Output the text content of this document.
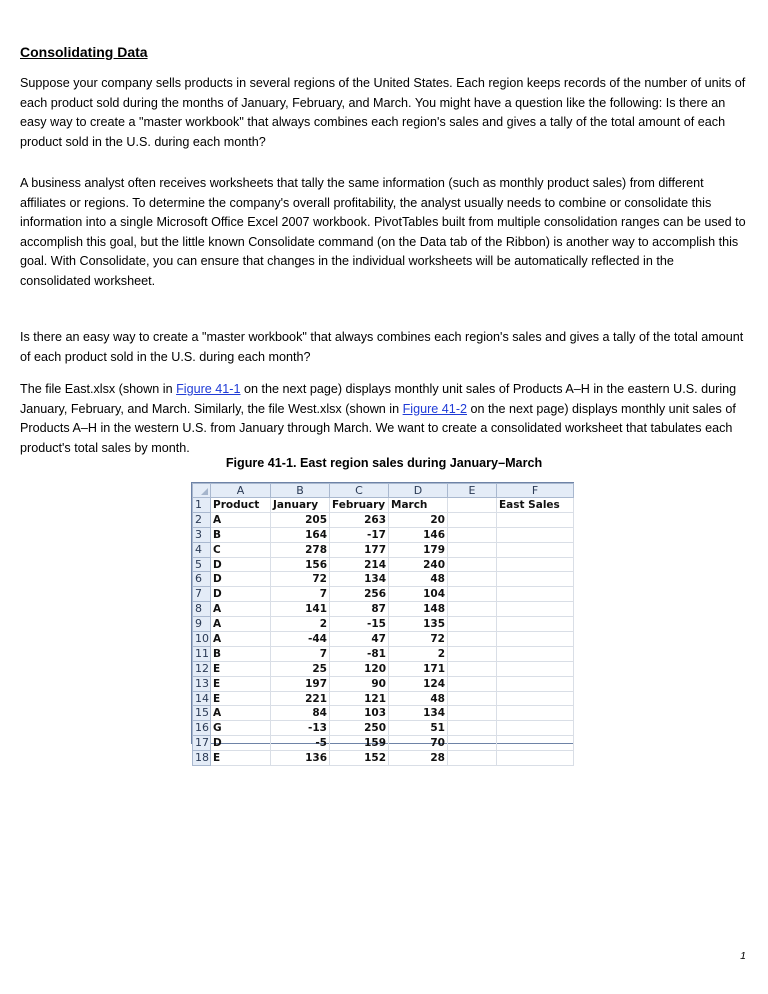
Consolidating Data

Suppose your company sells products in several regions of the United States. Each region keeps records of the number of units of each product sold during the months of January, February, and March. You might have a question like the following: Is there an easy way to create a "master workbook" that always combines each region's sales and gives a tally of the total amount of each product sold in the U.S. during each month?

A business analyst often receives worksheets that tally the same information (such as monthly product sales) from different affiliates or regions. To determine the company's overall profitability, the analyst usually needs to combine or consolidate this information into a single Microsoft Office Excel 2007 workbook. PivotTables built from multiple consolidation ranges can be used to accomplish this goal, but the little known Consolidate command (on the Data tab of the Ribbon) is another way to accomplish this goal. With Consolidate, you can ensure that changes in the individual worksheets will be automatically reflected in the consolidated worksheet.

Is there an easy way to create a "master workbook" that always combines each region's sales and gives a tally of the total amount of each product sold in the U.S. during each month?

The file East.xlsx (shown in Figure 41-1 on the next page) displays monthly unit sales of Products A–H in the eastern U.S. during January, February, and March. Similarly, the file West.xlsx (shown in Figure 41-2 on the next page) displays monthly unit sales of Products A–H in the western U.S. from January through March. We want to create a consolidated worksheet that tabulates each product's total sales by month.

Figure 41-1. East region sales during January–March

	A	B	C	D	E	F
1	Product	January	February	March		East Sales
2	A	205	263	20		
3	B	164	-17	146		
4	C	278	177	179		
5	D	156	214	240		
6	D	72	134	48		
7	D	7	256	104		
8	A	141	87	148		
9	A	2	-15	135		
10	A	-44	47	72		
11	B	7	-81	2		
12	E	25	120	171		
13	E	197	90	124		
14	E	221	121	48		
15	A	84	103	134		
16	G	-13	250	51		
17	D	-5	159	70		
18	E	136	152	28		

1
